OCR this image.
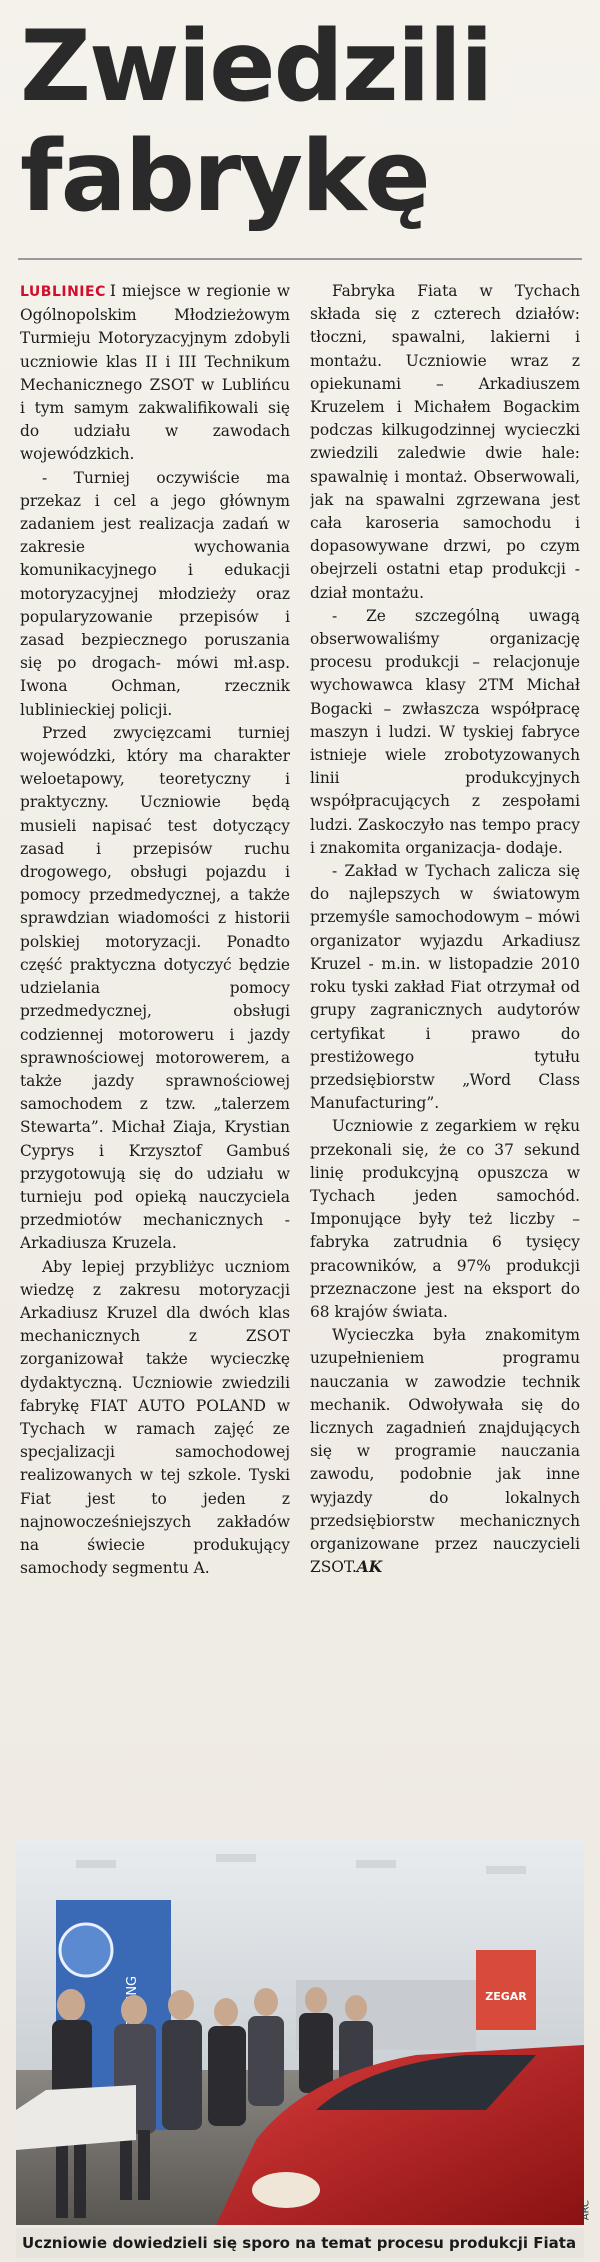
Zwiedzili
fabrykę

LUBLINIEC I miejsce w regionie w Ogólnopolskim Młodzieżowym Turmieju Motoryzacyjnym zdobyli uczniowie klas II i III Technikum Mechanicznego ZSOT w Lublińcu i tym samym zakwalifikowali się do udziału w zawodach wojewódzkich.

- Turniej oczywiście ma przekaz i cel a jego głównym zadaniem jest realizacja zadań w zakresie wychowania komunikacyjnego i edukacji motoryzacyjnej młodzieży oraz popularyzowanie przepisów i zasad bezpiecznego poruszania się po drogach- mówi mł.asp. Iwona Ochman, rzecznik lublinieckiej policji.

Przed zwycięzcami turniej wojewódzki, który ma charakter weloetapowy, teoretyczny i praktyczny. Uczniowie będą musieli napisać test dotyczący zasad i przepisów ruchu drogowego, obsługi pojazdu i pomocy przedmedycznej, a także sprawdzian wiadomości z historii polskiej motoryzacji. Ponadto część praktyczna dotyczyć będzie udzielania pomocy przedmedycznej, obsługi codziennej motoroweru i jazdy sprawnościowej motorowerem, a także jazdy sprawnościowej samochodem z tzw. „talerzem Stewarta”. Michał Ziaja, Krystian Cyprys i Krzysztof Gambuś przygotowują się do udziału w turnieju pod opieką nauczyciela przedmiotów mechanicznych - Arkadiusza Kruzela.

Aby lepiej przybliżyc uczniom wiedzę z zakresu motoryzacji Arkadiusz Kruzel dla dwóch klas mechanicznych z ZSOT zorganizował także wycieczkę dydaktyczną. Uczniowie zwiedzili fabrykę FIAT AUTO POLAND w Tychach w ramach zajęć ze specjalizacji samochodowej realizowanych w tej szkole. Tyski Fiat jest to jeden z najnowocześniejszych zakładów na świecie produkujący samochody segmentu A.

Fabryka Fiata w Tychach składa się z czterech działów: tłoczni, spawalni, lakierni i montażu. Uczniowie wraz z opiekunami – Arkadiuszem Kruzelem i Michałem Bogackim podczas kilkugodzinnej wycieczki zwiedzili zaledwie dwie hale: spawalnię i montaż. Obserwowali, jak na spawalni zgrzewana jest cała karoseria samochodu i dopasowywane drzwi, po czym obejrzeli ostatni etap produkcji - dział montażu.

- Ze szczególną uwagą obserwowaliśmy organizację procesu produkcji – relacjonuje wychowawca klasy 2TM Michał Bogacki – zwłaszcza współpracę maszyn i ludzi. W tyskiej fabryce istnieje wiele zrobotyzowanych linii produkcyjnych współpracujących z zespołami ludzi. Zaskoczyło nas tempo pracy i znakomita organizacja- dodaje.

- Zakład w Tychach zalicza się do najlepszych w światowym przemyśle samochodowym – mówi organizator wyjazdu Arkadiusz Kruzel - m.in. w listopadzie 2010 roku tyski zakład Fiat otrzymał od grupy zagranicznych audytorów certyfikat i prawo do prestiżowego tytułu przedsiębiorstw „Word Class Manufacturing”.

Uczniowie z zegarkiem w ręku przekonali się, że co 37 sekund linię produkcyjną opuszcza w Tychach jeden samochód. Imponujące były też liczby – fabryka zatrudnia 6 tysięcy pracowników, a 97% produkcji przeznaczone jest na eksport do 68 krajów świata.

Wycieczka była znakomitym uzupełnieniem programu nauczania w zawodzie technik mechanik. Odwoływała się do licznych zagadnień znajdujących się w programie nauczania zawodu, podobnie jak inne wyjazdy do lokalnych przedsiębiorstw mechanicznych organizowane przez nauczycieli ZSOT.AK

ZEGAR
ARC
Uczniowie dowiedzieli się sporo na temat procesu produkcji Fiata
